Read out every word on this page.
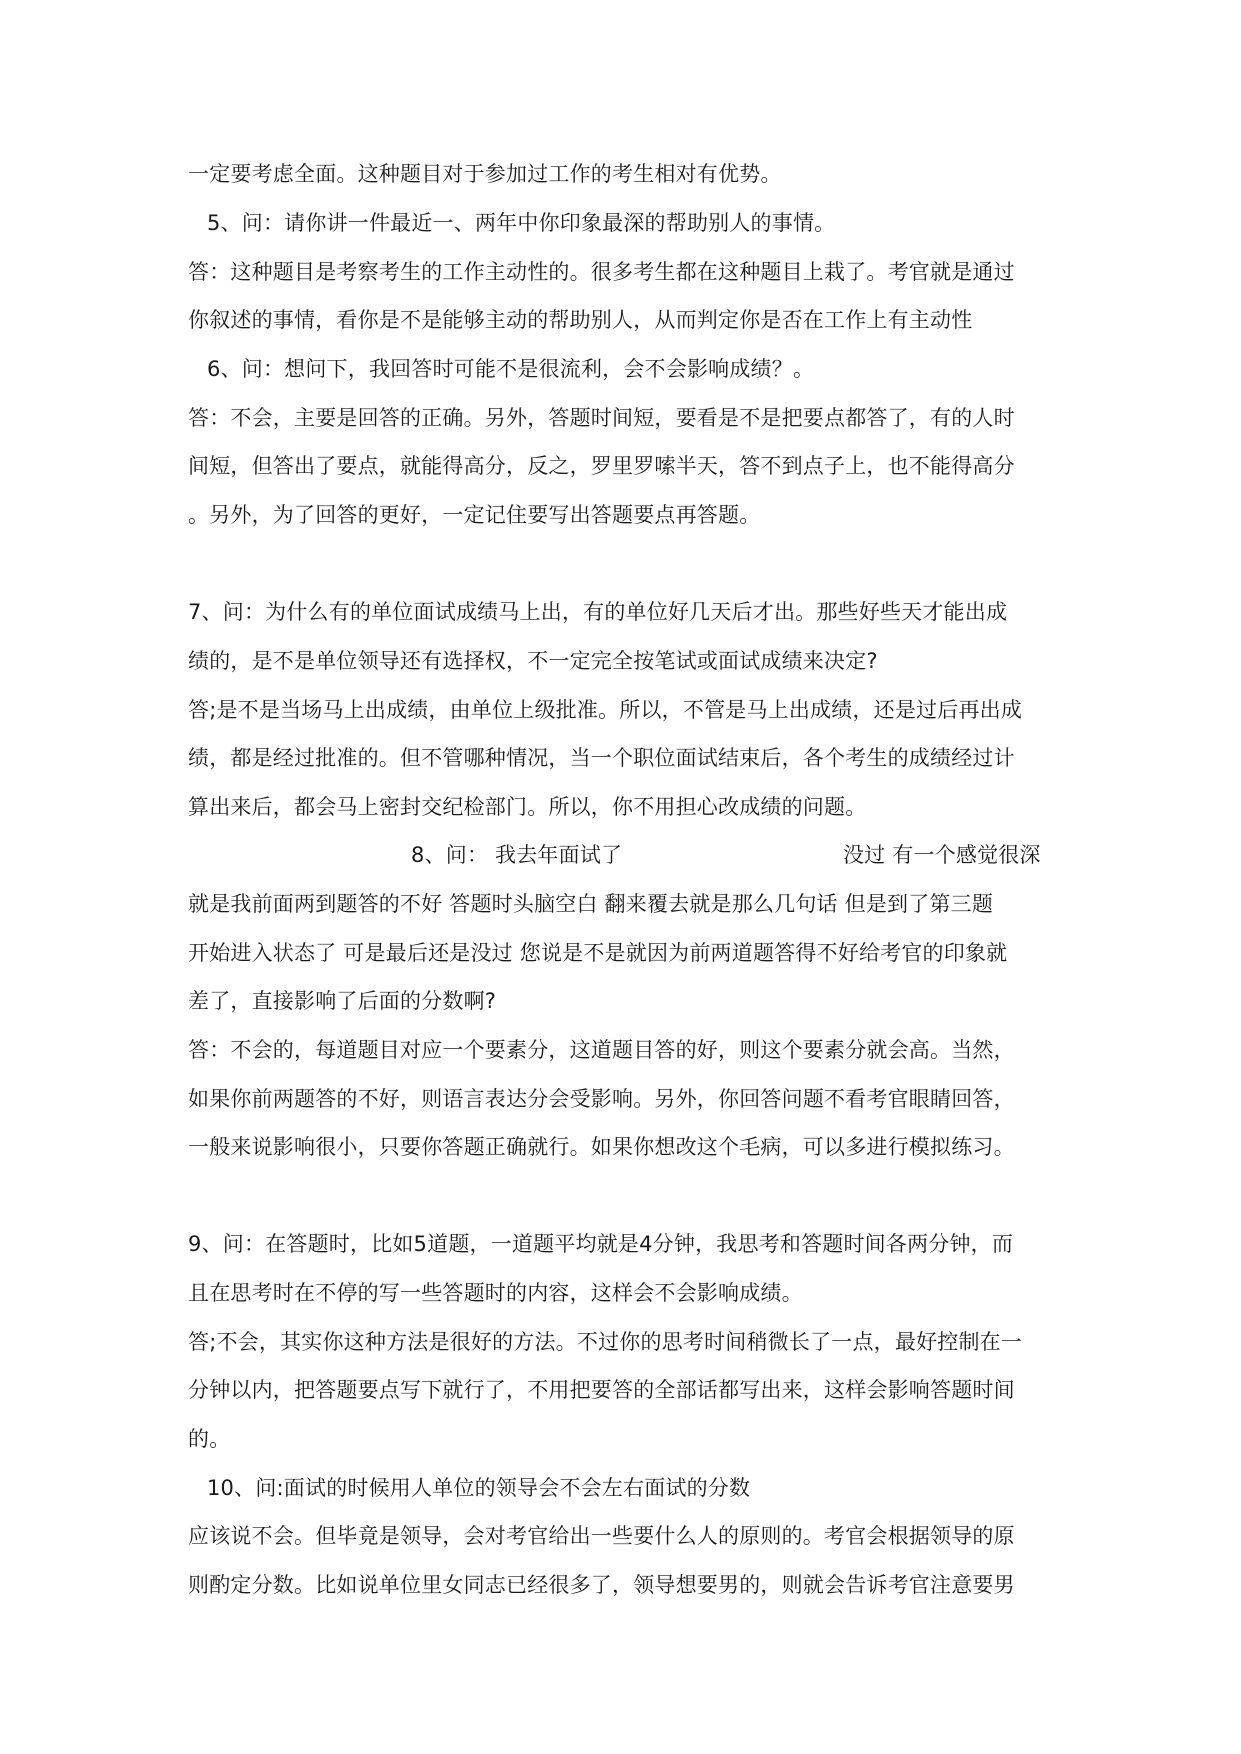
一定要考虑全面。这种题目对于参加过工作的考生相对有优势。
5、问：请你讲一件最近一、两年中你印象最深的帮助别人的事情。
答：这种题目是考察考生的工作主动性的。很多考生都在这种题目上栽了。考官就是通过
你叙述的事情，看你是不是能够主动的帮助别人，从而判定你是否在工作上有主动性
6、问：想问下，我回答时可能不是很流利，会不会影响成绩？。
答：不会，主要是回答的正确。另外，答题时间短，要看是不是把要点都答了，有的人时
间短，但答出了要点，就能得高分，反之，罗里罗嗦半天，答不到点子上，也不能得高分
。另外，为了回答的更好，一定记住要写出答题要点再答题。
7、问：为什么有的单位面试成绩马上出，有的单位好几天后才出。那些好些天才能出成
绩的，是不是单位领导还有选择权，不一定完全按笔试或面试成绩来决定?
答;是不是当场马上出成绩，由单位上级批准。所以，不管是马上出成绩，还是过后再出成
绩，都是经过批准的。但不管哪种情况，当一个职位面试结束后，各个考生的成绩经过计
算出来后，都会马上密封交纪检部门。所以，你不用担心改成绩的问题。
8、问： 我去年面试了	没过 有一个感觉很深
就是我前面两到题答的不好 答题时头脑空白 翻来覆去就是那么几句话 但是到了第三题
开始进入状态了 可是最后还是没过 您说是不是就因为前两道题答得不好给考官的印象就
差了，直接影响了后面的分数啊?
答：不会的，每道题目对应一个要素分，这道题目答的好，则这个要素分就会高。当然，
如果你前两题答的不好，则语言表达分会受影响。另外，你回答问题不看考官眼睛回答，
一般来说影响很小，只要你答题正确就行。如果你想改这个毛病，可以多进行模拟练习。
9、问：在答题时，比如5道题，一道题平均就是4分钟，我思考和答题时间各两分钟，而
且在思考时在不停的写一些答题时的内容，这样会不会影响成绩。
答;不会，其实你这种方法是很好的方法。不过你的思考时间稍微长了一点，最好控制在一
分钟以内，把答题要点写下就行了，不用把要答的全部话都写出来，这样会影响答题时间
的。
10、问:面试的时候用人单位的领导会不会左右面试的分数
应该说不会。但毕竟是领导，会对考官给出一些要什么人的原则的。考官会根据领导的原
则酌定分数。比如说单位里女同志已经很多了，领导想要男的，则就会告诉考官注意要男
